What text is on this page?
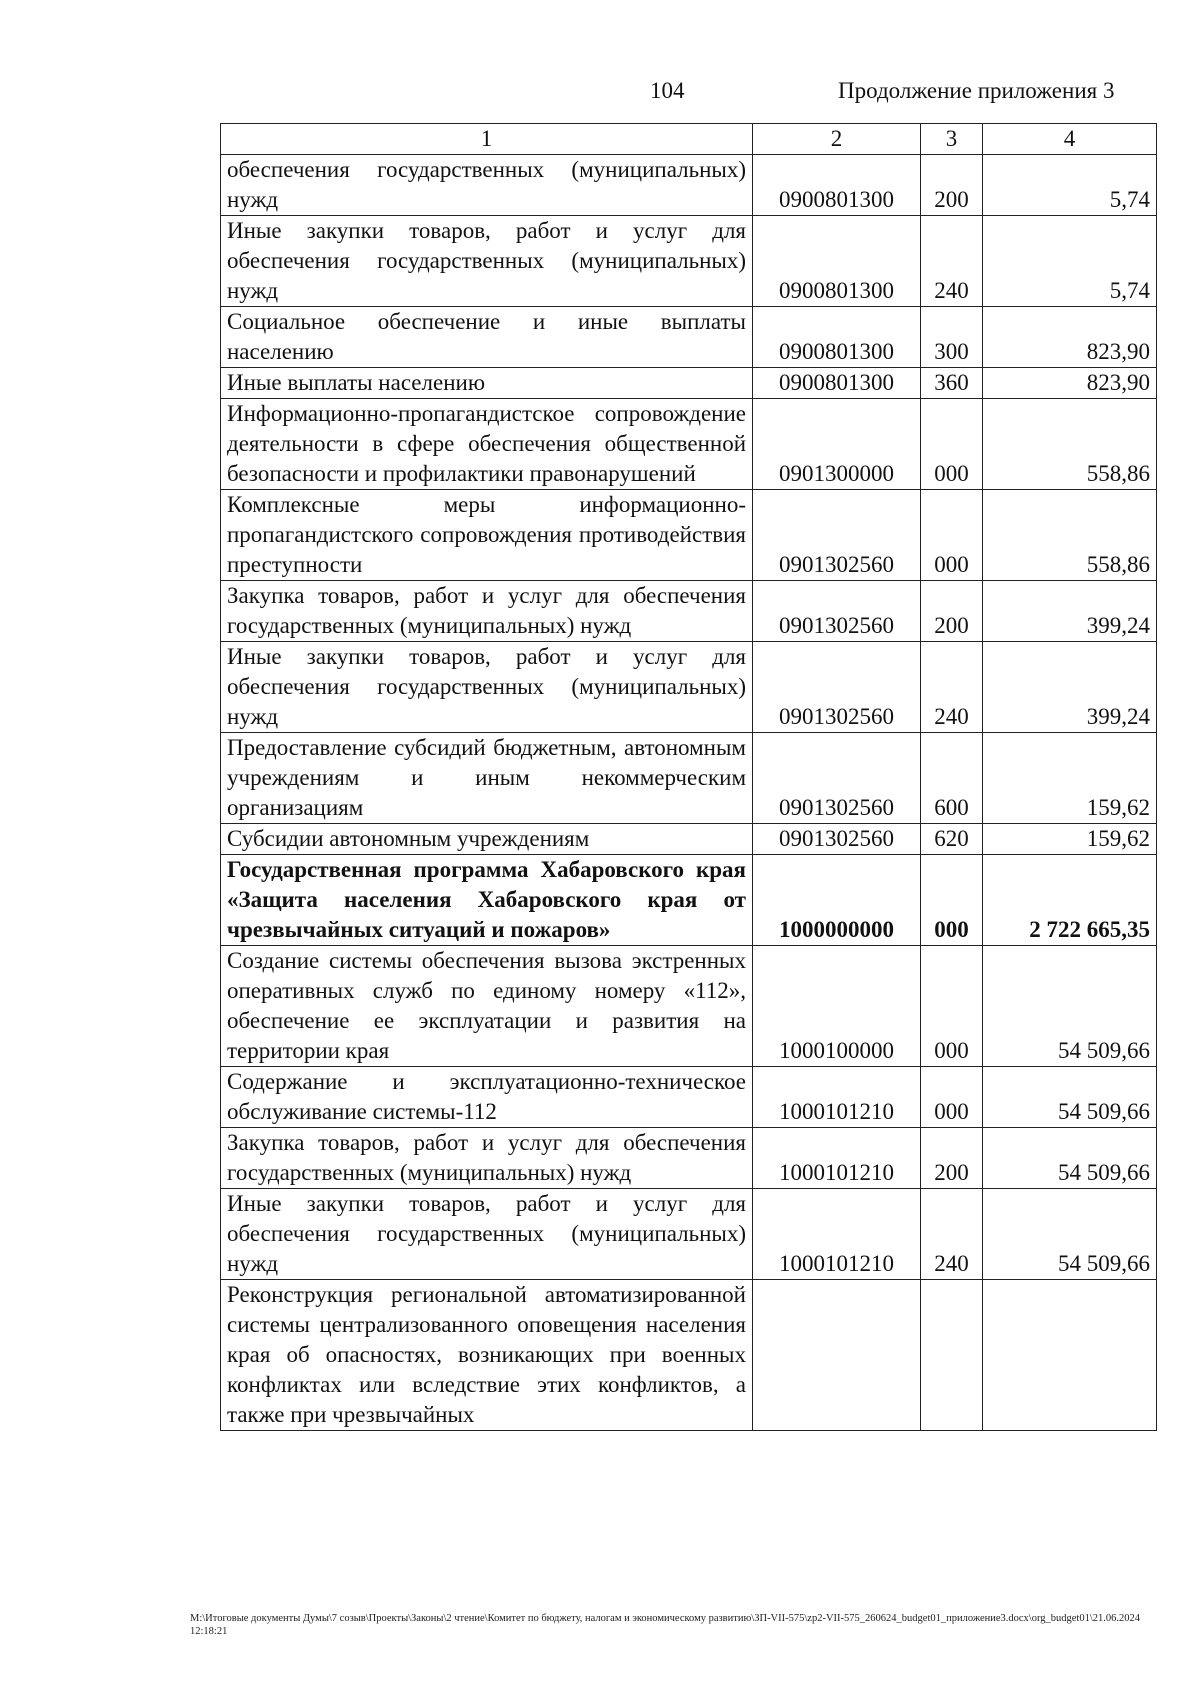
104	Продолжение приложения 3
1	2	3	4
обеспечения государственных (муниципальных) нужд	0900801300	200	5,74
Иные закупки товаров, работ и услуг для обеспечения государственных (муниципальных) нужд	0900801300	240	5,74
Социальное обеспечение и иные выплаты населению	0900801300	300	823,90
Иные выплаты населению	0900801300	360	823,90
Информационно-пропагандистское сопровождение деятельности в сфере обеспечения общественной безопасности и профилактики правонарушений	0901300000	000	558,86
Комплексные меры информационно-пропагандистского сопровождения противодействия преступности	0901302560	000	558,86
Закупка товаров, работ и услуг для обеспечения государственных (муниципальных) нужд	0901302560	200	399,24
Иные закупки товаров, работ и услуг для обеспечения государственных (муниципальных) нужд	0901302560	240	399,24
Предоставление субсидий бюджетным, автономным учреждениям и иным некоммерческим организациям	0901302560	600	159,62
Субсидии автономным учреждениям	0901302560	620	159,62
Государственная программа Хабаровского края «Защита населения Хабаровского края от чрезвычайных ситуаций и пожаров»	1000000000	000	2 722 665,35
Создание системы обеспечения вызова экстренных оперативных служб по единому номеру «112», обеспечение ее эксплуатации и развития на территории края	1000100000	000	54 509,66
Содержание и эксплуатационно-техническое обслуживание системы-112	1000101210	000	54 509,66
Закупка товаров, работ и услуг для обеспечения государственных (муниципальных) нужд	1000101210	200	54 509,66
Иные закупки товаров, работ и услуг для обеспечения государственных (муниципальных) нужд	1000101210	240	54 509,66
Реконструкция региональной автоматизированной системы централизованного оповещения населения края об опасностях, возникающих при военных конфликтах или вследствие этих конфликтов, а также при чрезвычайных			
М:\Итоговые документы Думы\7 созыв\Проекты\Законы\2 чтение\Комитет по бюджету, налогам и экономическому развитию\ЗП-VII-575\zp2-VII-575_260624_budget01_приложение3.docx\org_budget01\21.06.2024 12:18:21
